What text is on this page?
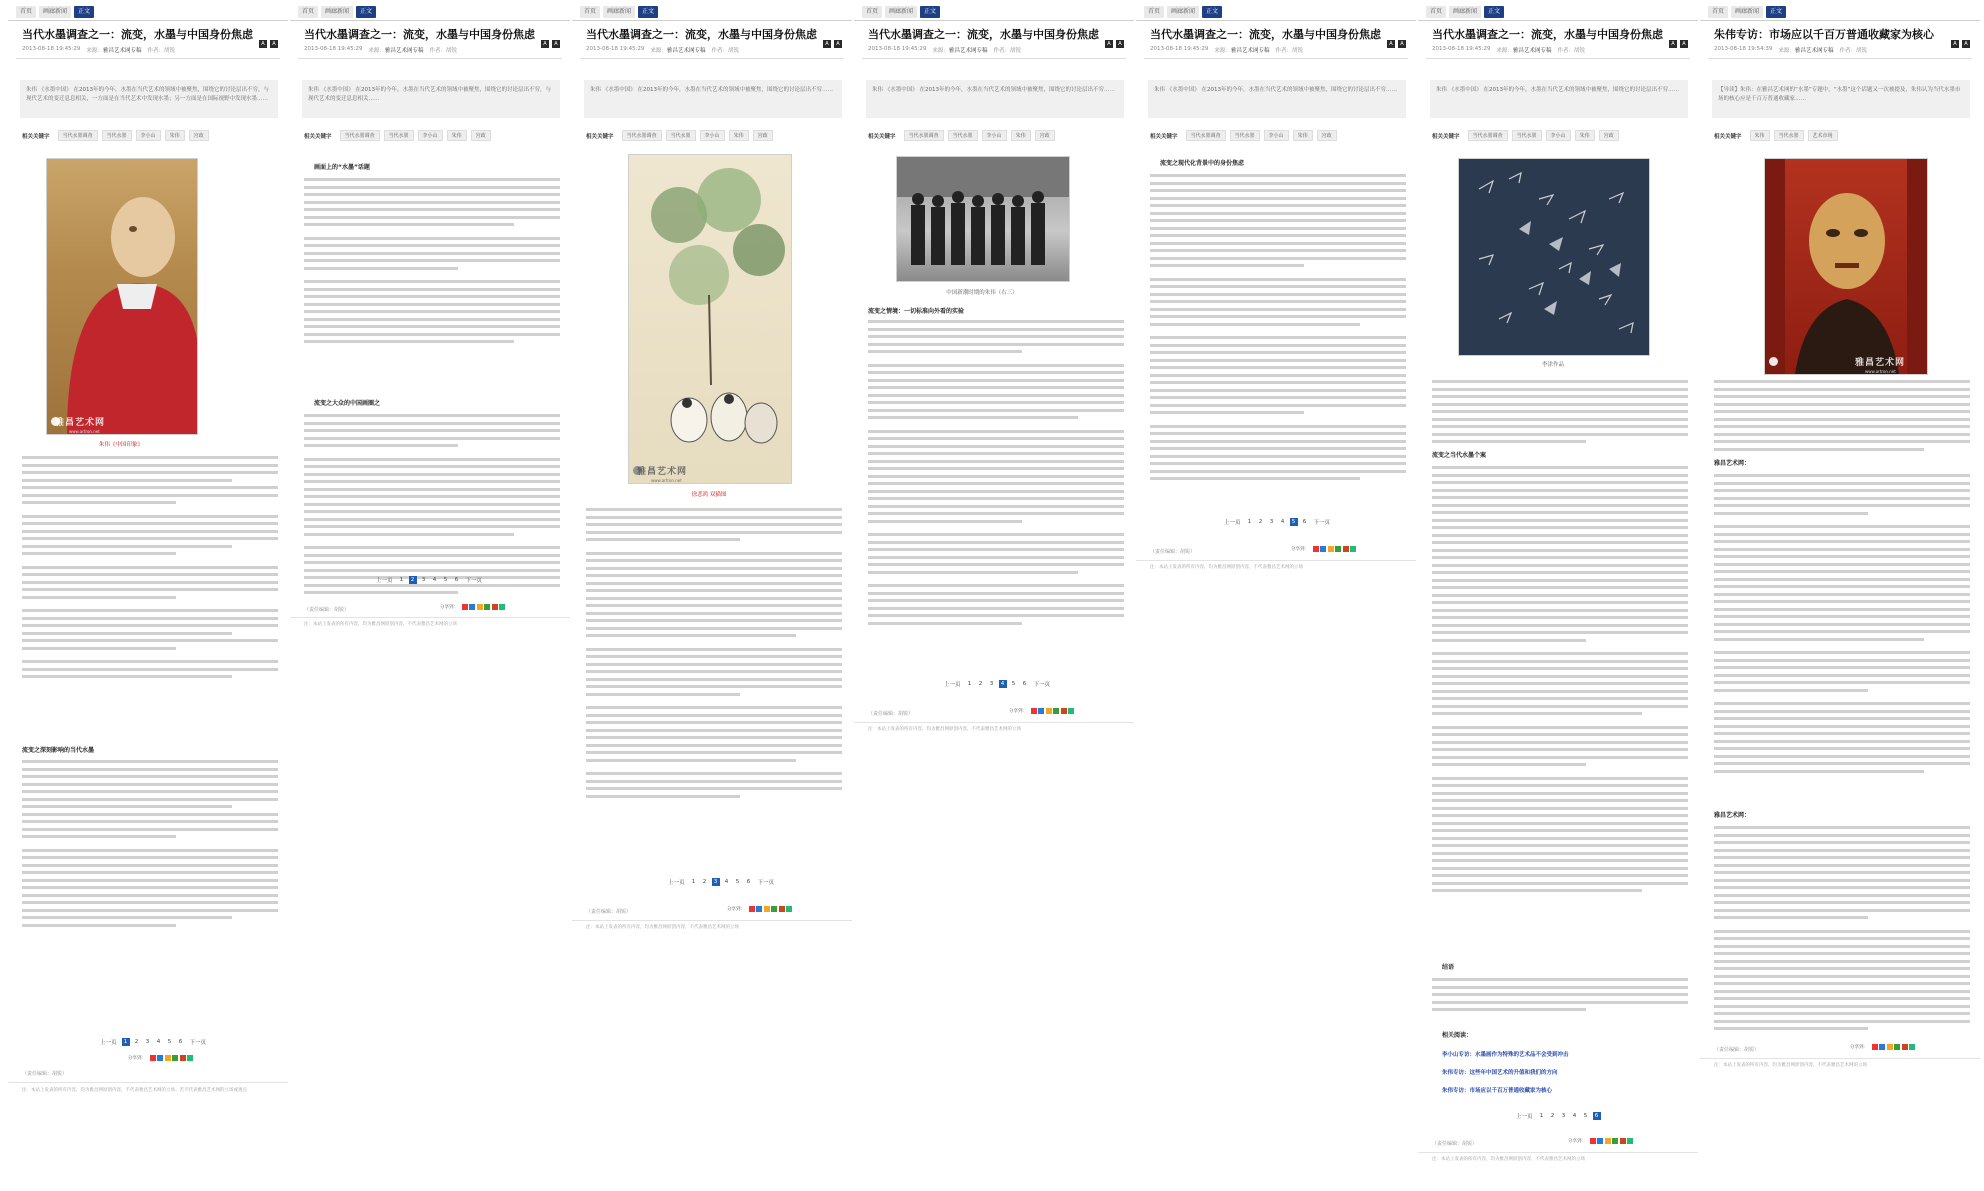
首页	画廊新闻	正文
当代水墨调查之一：流变，水墨与中国身份焦虑
2013-08-18 19:45:29 来源：雅昌艺术网专稿 作者：胡锐
A	A
朱伟 《水墨中国》 在2013年的今年，水墨在当代艺术的领域中被聚焦，围绕它的讨论层出不穷，与现代艺术的变迁息息相关，一方面是在当代艺术中发现水墨；另一方面是在国际视野中发现水墨……
相关关键字	当代水墨调查	当代水墨	李小山	朱伟	宫政
雅昌艺术网
www.artron.net
朱伟《中国印象》
流变之深刻影响的当代水墨
上一页	1	2	3	4	5	6	下一页
分享到：
（责任编辑：胡锐）
注：本站上发表的所有内容，均为雅昌网原创内容，不代表雅昌艺术网的立场；若不代表雅昌艺术网的立场或观点
首页	画廊新闻	正文
当代水墨调查之一：流变，水墨与中国身份焦虑
2013-08-18 19:45:29 来源：雅昌艺术网专稿 作者：胡锐
A	A
朱伟 《水墨中国》 在2013年的今年，水墨在当代艺术的领域中被聚焦，围绕它的讨论层出不穷，与现代艺术的变迁息息相关……
相关关键字	当代水墨调查	当代水墨	李小山	朱伟	宫政
画面上的“水墨”话题
流变之大众的中国画圈之
上一页	1	2	3	4	5	6	下一页
分享到：
（责任编辑：胡锐）
注：本站上发表的所有内容，均为雅昌网原创内容，不代表雅昌艺术网的立场
首页	画廊新闻	正文
当代水墨调查之一：流变，水墨与中国身份焦虑
2013-08-18 19:45:29 来源：雅昌艺术网专稿 作者：胡锐
A	A
朱伟 《水墨中国》 在2013年的今年，水墨在当代艺术的领域中被聚焦，围绕它的讨论层出不穷……
相关关键字	当代水墨调查	当代水墨	李小山	朱伟	宫政
雅昌艺术网
www.artron.net
徐悲鸿 双猫图
上一页	1	2	3	4	5	6	下一页
分享到：
（责任编辑：胡锐）
注：本站上发表的所有内容，均为雅昌网原创内容，不代表雅昌艺术网的立场
首页	画廊新闻	正文
当代水墨调查之一：流变，水墨与中国身份焦虑
2013-08-18 19:45:29 来源：雅昌艺术网专稿 作者：胡锐
A	A
朱伟 《水墨中国》 在2013年的今年，水墨在当代艺术的领域中被聚焦，围绕它的讨论层出不穷……
相关关键字	当代水墨调查	当代水墨	李小山	朱伟	宫政
中国新潮时期的朱伟（右三）
流变之情境：一切标准向外看的实验
上一页	1	2	3	4	5	6	下一页
分享到：
（责任编辑：胡锐）
注：本站上发表的所有内容，均为雅昌网原创内容，不代表雅昌艺术网的立场
首页	画廊新闻	正文
当代水墨调查之一：流变，水墨与中国身份焦虑
2013-08-18 19:45:29 来源：雅昌艺术网专稿 作者：胡锐
A	A
朱伟 《水墨中国》 在2013年的今年，水墨在当代艺术的领域中被聚焦，围绕它的讨论层出不穷……
相关关键字	当代水墨调查	当代水墨	李小山	朱伟	宫政
流变之现代化背景中的身份焦虑
上一页	1	2	3	4	5	6	下一页
分享到：
（责任编辑：胡锐）
注：本站上发表的所有内容，均为雅昌网原创内容，不代表雅昌艺术网的立场
首页	画廊新闻	正文
当代水墨调查之一：流变，水墨与中国身份焦虑
2013-08-18 19:45:29 来源：雅昌艺术网专稿 作者：胡锐
A	A
朱伟 《水墨中国》 在2013年的今年，水墨在当代艺术的领域中被聚焦，围绕它的讨论层出不穷……
相关关键字	当代水墨调查	当代水墨	李小山	朱伟	宫政
李津作品
流变之当代水墨个案
结语
相关阅读：
李小山专访：水墨画作为特殊的艺术品不会受到冲击
朱伟专访：这些年中国艺术的升值和我们的方向
朱伟专访：市场应以千百万普通收藏家为核心
上一页	1	2	3	4	5	6
分享到：
（责任编辑：胡锐）
注：本站上发表的所有内容，均为雅昌网原创内容，不代表雅昌艺术网的立场
首页	画廊新闻	正文
朱伟专访：市场应以千百万普通收藏家为核心
2013-08-18 19:54:39 来源：雅昌艺术网专稿 作者：胡锐
A	A
【导读】朱伟：在雅昌艺术网的“水墨”专题中，“水墨”这个话题又一次被提及，朱伟认为当代水墨市场的核心应是千百万普通收藏家……
相关关键字	朱伟	当代水墨	艺术市场
雅昌艺术网
www.artron.net
雅昌艺术网：
雅昌艺术网：
分享到：
（责任编辑：胡锐）
注：本站上发表的所有内容，均为雅昌网原创内容，不代表雅昌艺术网的立场
